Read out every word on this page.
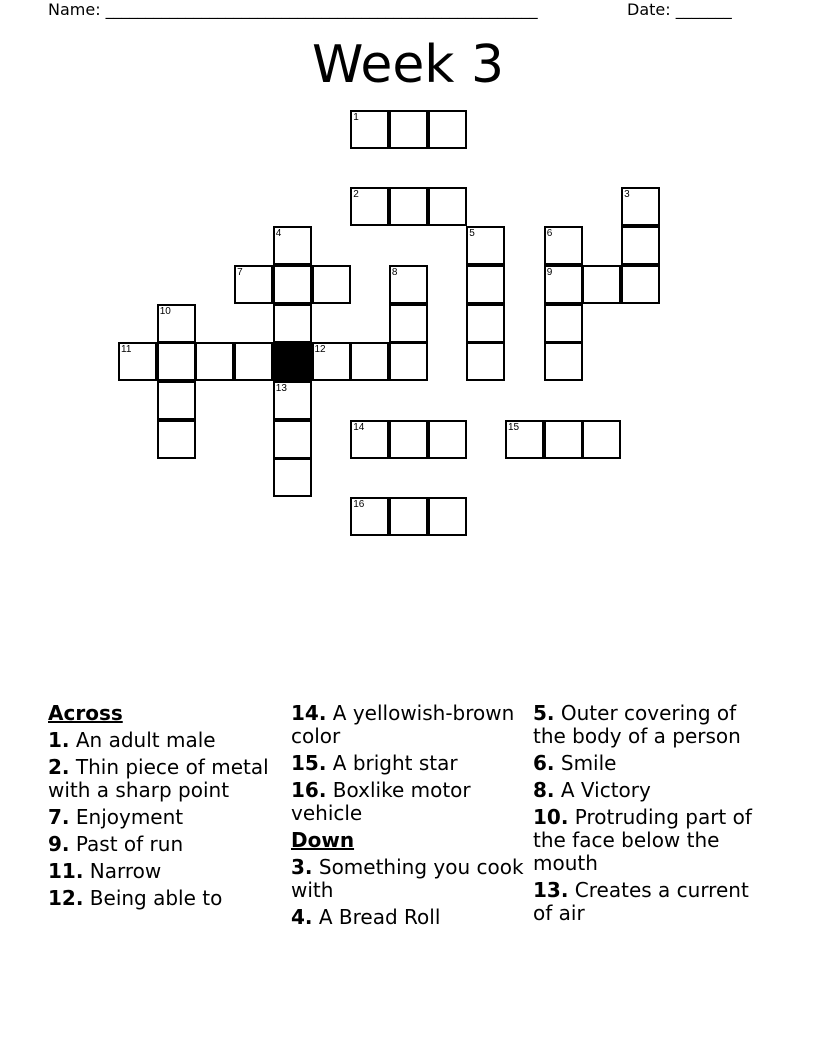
Name: ______________________________________________________	Date: _______
Week 3
1
2	3
4	5	6
7	8	9
10
11	12
13
14	15
16
Across
1. An adult male
2. Thin piece of metal with a sharp point
7. Enjoyment
9. Past of run
11. Narrow
12. Being able to
14. A yellowish-brown color
15. A bright star
16. Boxlike motor vehicle
Down
3. Something you cook with
4. A Bread Roll
5. Outer covering of the body of a person
6. Smile
8. A Victory
10. Protruding part of the face below the mouth
13. Creates a current of air
